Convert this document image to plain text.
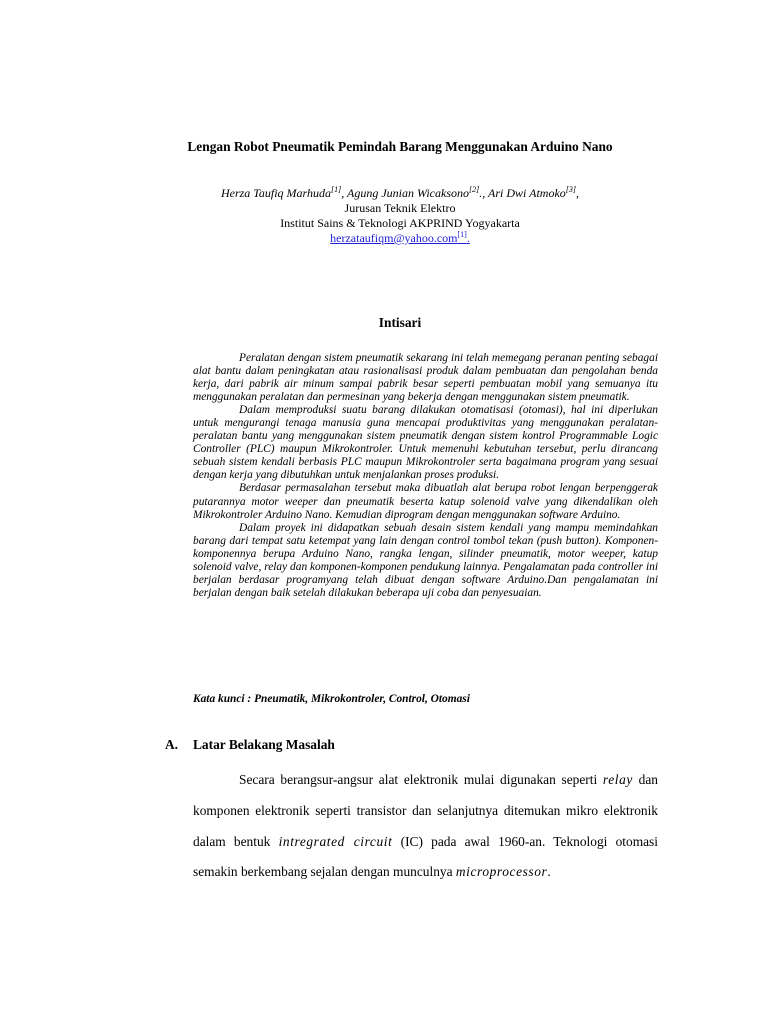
Lengan Robot Pneumatik Pemindah Barang Menggunakan Arduino Nano
Herza Taufiq Marhuda[1], Agung Junian Wicaksono[2]., Ari Dwi Atmoko[3],
Jurusan Teknik Elektro
Institut Sains & Teknologi AKPRIND Yogyakarta
herzataufiqm@yahoo.com[1].
Intisari

Peralatan dengan sistem pneumatik sekarang ini telah memegang peranan penting sebagai alat bantu dalam peningkatan atau rasionalisasi produk dalam pembuatan dan pengolahan benda kerja, dari pabrik air minum sampai pabrik besar seperti pembuatan mobil yang semuanya itu menggunakan peralatan dan permesinan yang bekerja dengan menggunakan sistem pneumatik.

Dalam memproduksi suatu barang dilakukan otomatisasi (otomasi), hal ini diperlukan untuk mengurangi tenaga manusia guna mencapai produktivitas yang menggunakan peralatan-peralatan bantu yang menggunakan sistem pneumatik dengan sistem kontrol Programmable Logic Controller (PLC) maupun Mikrokontroler. Untuk memenuhi kebutuhan tersebut, perlu dirancang sebuah sistem kendali berbasis PLC maupun Mikrokontroler serta bagaimana program yang sesuai dengan kerja yang dibutuhkan untuk menjalankan proses produksi.

Berdasar permasalahan tersebut maka dibuatlah alat berupa robot lengan berpenggerak putarannya motor weeper dan pneumatik beserta katup solenoid valve yang dikendalikan oleh Mikrokontroler Arduino Nano. Kemudian diprogram dengan menggunakan software Arduino.

Dalam proyek ini didapatkan sebuah desain sistem kendali yang mampu memindahkan barang dari tempat satu ketempat yang lain dengan control tombol tekan (push button). Komponen-komponennya berupa Arduino Nano, rangka lengan, silinder pneumatik, motor weeper, katup solenoid valve, relay dan komponen-komponen pendukung lainnya. Pengalamatan pada controller ini berjalan berdasar programyang telah dibuat dengan software Arduino.Dan pengalamatan ini berjalan dengan baik setelah dilakukan beberapa uji coba dan penyesuaian.

Kata kunci : Pneumatik, Mikrokontroler, Control, Otomasi
A. Latar Belakang Masalah

Secara berangsur-angsur alat elektronik mulai digunakan seperti relay dan komponen elektronik seperti transistor dan selanjutnya ditemukan mikro elektronik dalam bentuk intregrated circuit (IC) pada awal 1960-an. Teknologi otomasi semakin berkembang sejalan dengan munculnya microprocessor.
